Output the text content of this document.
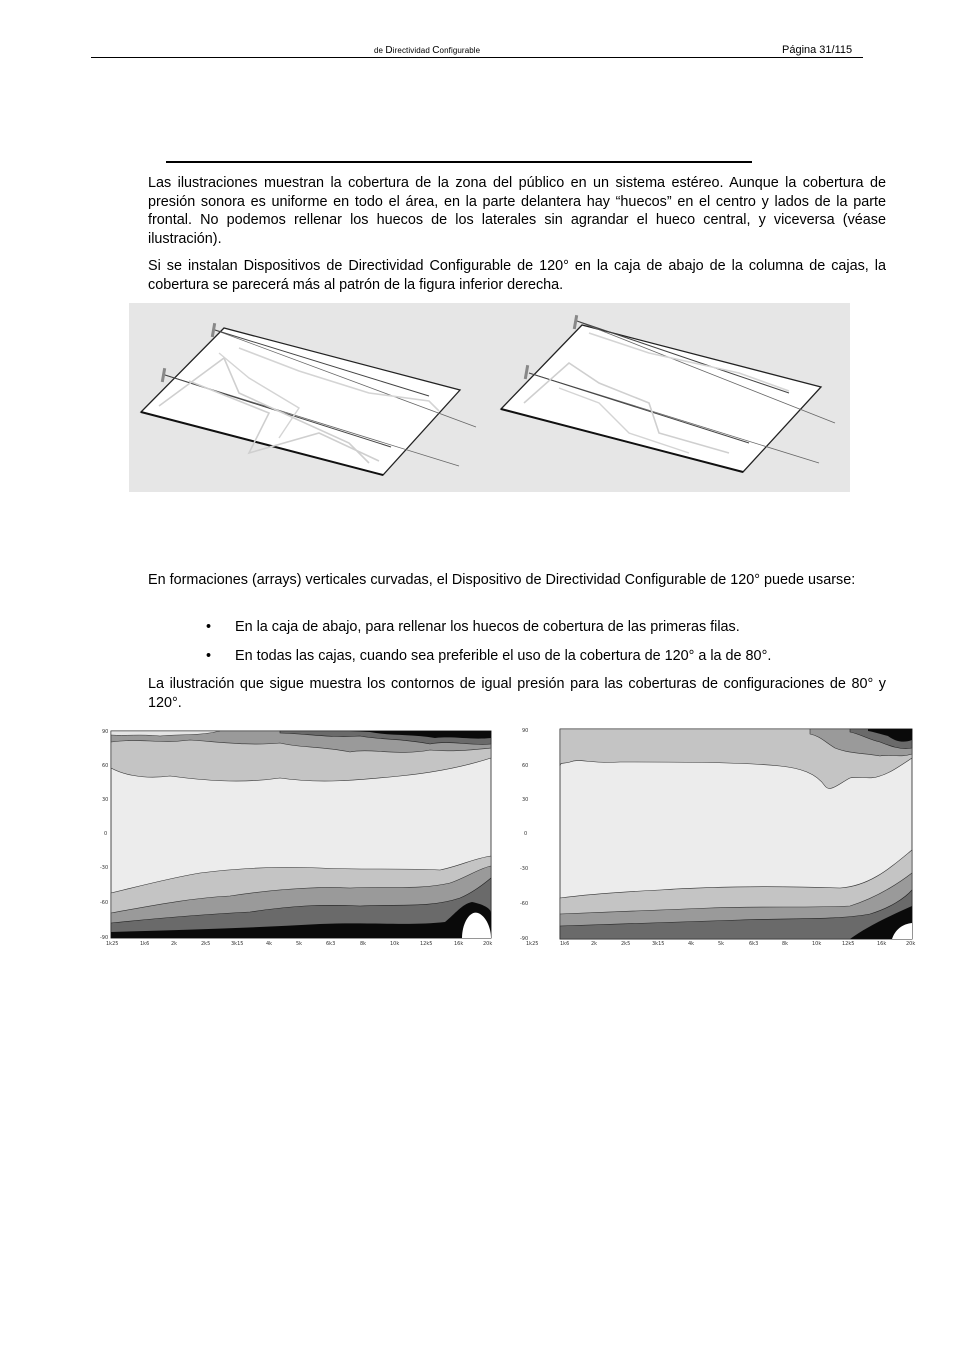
de Directividad Configurable	Página 31/115

Las ilustraciones muestran la cobertura de la zona del público en un sistema estéreo. Aunque la cobertura de presión sonora es uniforme en todo el área, en la parte delantera hay “huecos” en el centro y lados de la parte frontal. No podemos rellenar los huecos de los laterales sin agrandar el hueco central, y viceversa (véase ilustración).

Si se instalan Dispositivos de Directividad Configurable de 120° en la caja de abajo de la columna de cajas, la cobertura se parecerá más al patrón de la figura inferior derecha.

En formaciones (arrays) verticales curvadas, el Dispositivo de Directividad Configurable de 120° puede usarse:

• En la caja de abajo, para rellenar los huecos de cobertura de las primeras filas.
• En todas las cajas, cuando sea preferible el uso de la cobertura de 120° a la de 80°.

La ilustración que sigue muestra los contornos de igual presión para las coberturas de configuraciones de 80° y 120°.

90
60
30
0
-30
-60
-90
1k25	1k6	2k	2k5	3k15	4k	5k	6k3	8k	10k	12k5	16k	20k
90
60
30
0
-30
-60
-90
1k25	1k6	2k	2k5	3k15	4k	5k	6k3	8k	10k	12k5	16k	20k
